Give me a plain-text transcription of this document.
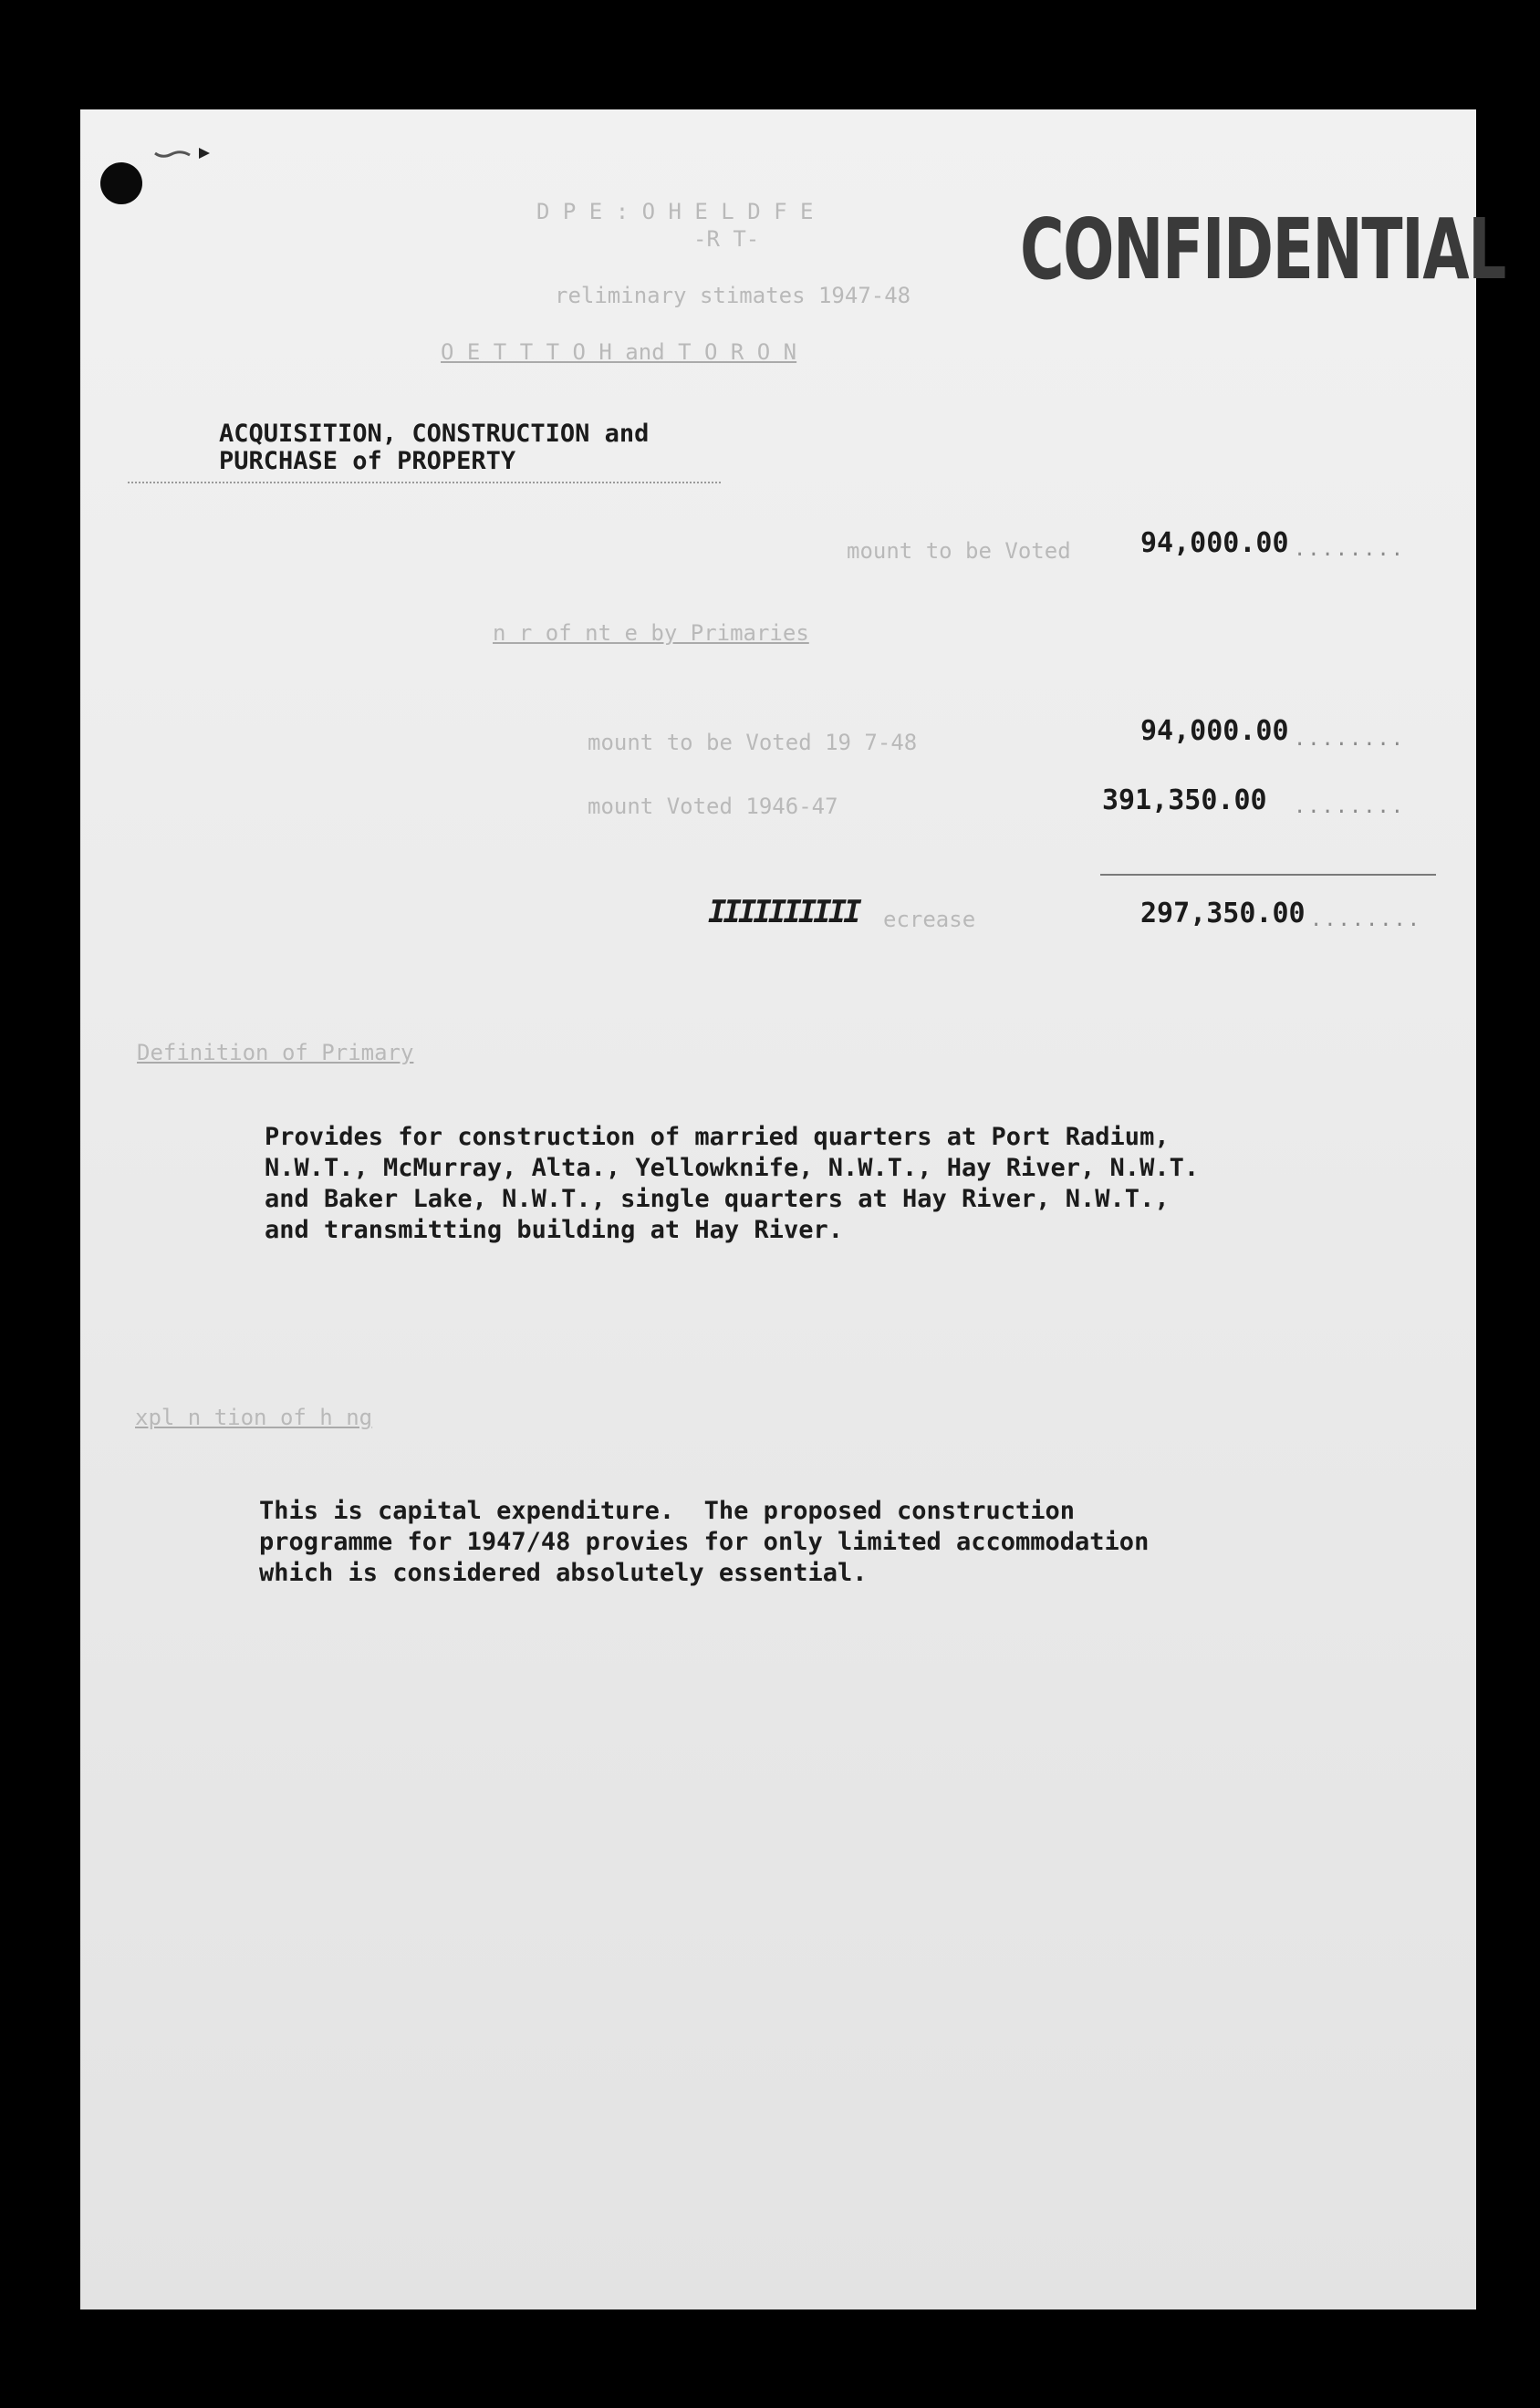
D P E : O H E L D F E
-R T-
reliminary stimates 1947-48
O E T T T O H and T O R O N
CONFIDENTIAL
ACQUISITION, CONSTRUCTION and
PURCHASE of PROPERTY
mount to be Voted	94,000.00 ........
n r of nt e by Primaries
mount to be Voted 19 7-48	94,000.00 ........
mount Voted 1946-47	391,350.00 ........
IIIIIIIIII ecrease	297,350.00 ........
Definition of Primary
Provides for construction of married quarters at Port Radium,
N.W.T., McMurray, Alta., Yellowknife, N.W.T., Hay River, N.W.T.
and Baker Lake, N.W.T., single quarters at Hay River, N.W.T.,
and transmitting building at Hay River.
xpl n tion of h ng
This is capital expenditure.  The proposed construction
programme for 1947/48 provies for only limited accommodation
which is considered absolutely essential.
